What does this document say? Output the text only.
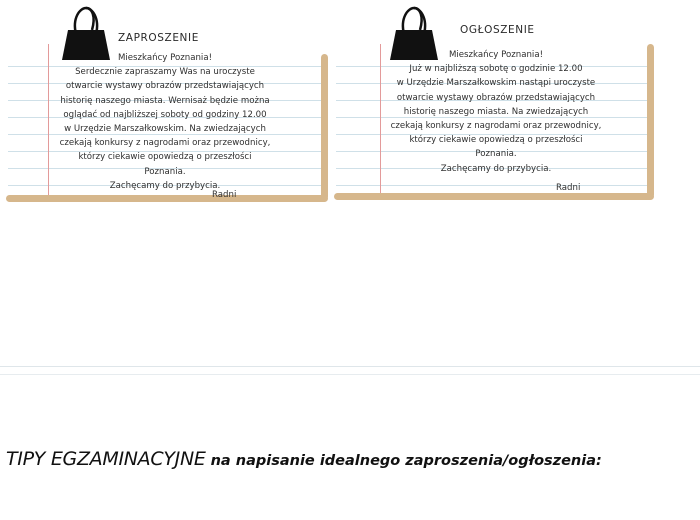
ZAPROSZENIE

Mieszkańcy Poznania!

Serdecznie zapraszamy Was na uroczyste

otwarcie wystawy obrazów przedstawiających

historię naszego miasta. Wernisaż będzie można

oglądać od najbliższej soboty od godziny 12.00

w Urzędzie Marszałkowskim. Na zwiedzających

czekają konkursy z nagrodami oraz przewodnicy,

którzy ciekawie opowiedzą o przeszłości

Poznania.

Zachęcamy do przybycia.

Radni
OGŁOSZENIE

Mieszkańcy Poznania!

Już w najbliższą sobotę o godzinie 12.00

w Urzędzie Marszałkowskim nastąpi uroczyste

otwarcie wystawy obrazów przedstawiających

historię naszego miasta. Na zwiedzających

czekają konkursy z nagrodami oraz przewodnicy,

którzy ciekawie opowiedzą o przeszłości

Poznania.

Zachęcamy do przybycia.

Radni
TIPY EGZAMINACYJNE na napisanie idealnego zaproszenia/ogłoszenia:
